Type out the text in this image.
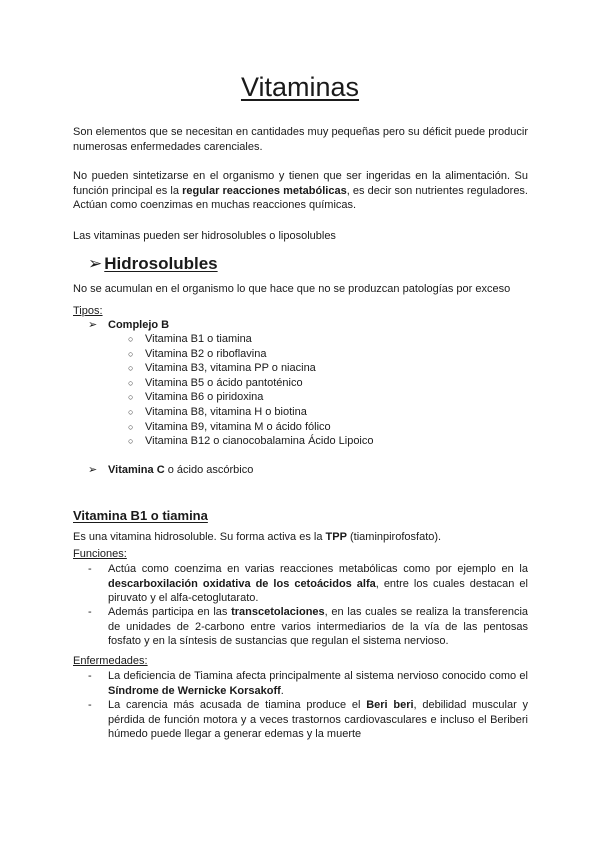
Vitaminas

Son elementos que se necesitan en cantidades muy pequeñas pero su déficit puede producir numerosas enfermedades carenciales.

No pueden sintetizarse en el organismo y tienen que ser ingeridas en la alimentación. Su función principal es la regular reacciones metabólicas, es decir son nutrientes reguladores. Actúan como coenzimas en muchas reacciones químicas.

Las vitaminas pueden ser hidrosolubles o liposolubles

➢ Hidrosolubles

No se acumulan en el organismo lo que hace que no se produzcan patologías por exceso

Tipos:

➢ Complejo B
○ Vitamina B1 o tiamina
○ Vitamina B2 o riboflavina
○ Vitamina B3, vitamina PP o niacina
○ Vitamina B5 o ácido pantoténico
○ Vitamina B6 o piridoxina
○ Vitamina B8, vitamina H o biotina
○ Vitamina B9, vitamina M o ácido fólico
○ Vitamina B12 o cianocobalamina Ácido Lipoico
➢ Vitamina C o ácido ascórbico
Vitamina B1 o tiamina

Es una vitamina hidrosoluble. Su forma activa es la TPP (tiaminpirofosfato).

Funciones:

- Actúa como coenzima en varias reacciones metabólicas como por ejemplo en la descarboxilación oxidativa de los cetoácidos alfa, entre los cuales destacan el piruvato y el alfa-cetoglutarato.
- Además participa en las transcetolaciones, en las cuales se realiza la transferencia de unidades de 2-carbono entre varios intermediarios de la vía de las pentosas fosfato y en la síntesis de sustancias que regulan el sistema nervioso.

Enfermedades:

- La deficiencia de Tiamina afecta principalmente al sistema nervioso conocido como el Síndrome de Wernicke Korsakoff.
- La carencia más acusada de tiamina produce el Beri beri, debilidad muscular y pérdida de función motora y a veces trastornos cardiovasculares e incluso el Beriberi húmedo puede llegar a generar edemas y la muerte
